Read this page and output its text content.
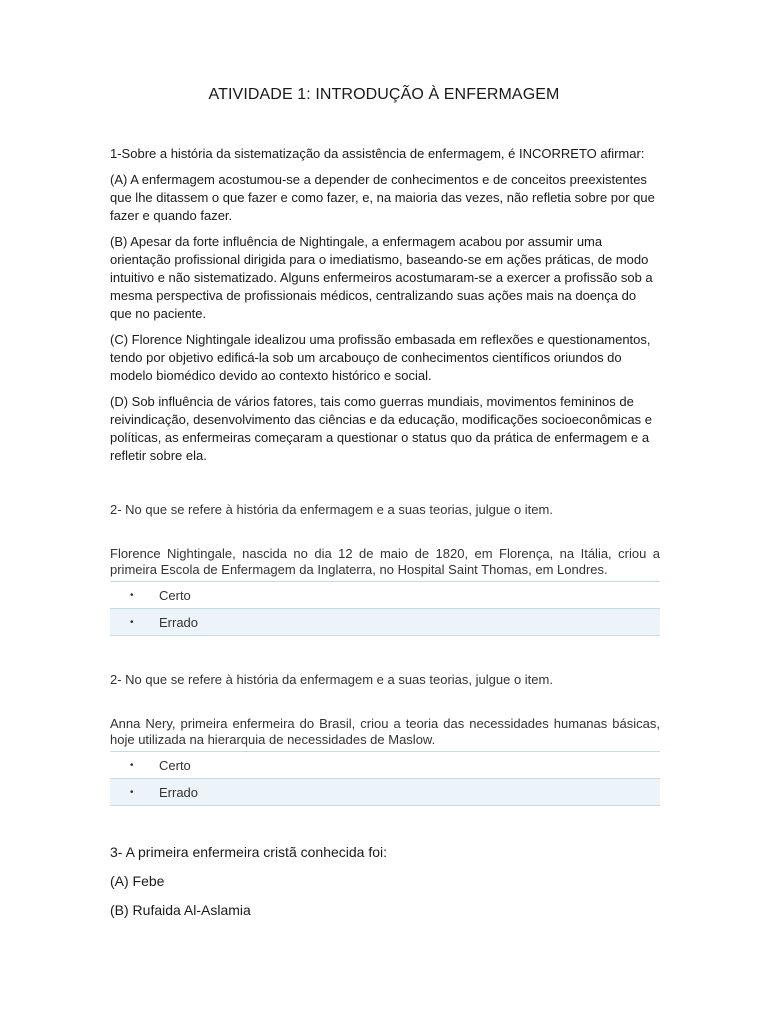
ATIVIDADE 1: INTRODUÇÃO À ENFERMAGEM

1-Sobre a história da sistematização da assistência de enfermagem, é INCORRETO afirmar:

(A) A enfermagem acostumou-se a depender de conhecimentos e de conceitos preexistentes que lhe ditassem o que fazer e como fazer, e, na maioria das vezes, não refletia sobre por que fazer e quando fazer.

(B) Apesar da forte influência de Nightingale, a enfermagem acabou por assumir uma orientação profissional dirigida para o imediatismo, baseando-se em ações práticas, de modo intuitivo e não sistematizado. Alguns enfermeiros acostumaram-se a exercer a profissão sob a mesma perspectiva de profissionais médicos, centralizando suas ações mais na doença do que no paciente.

(C) Florence Nightingale idealizou uma profissão embasada em reflexões e questionamentos, tendo por objetivo edificá-la sob um arcabouço de conhecimentos científicos oriundos do modelo biomédico devido ao contexto histórico e social.

(D) Sob influência de vários fatores, tais como guerras mundiais, movimentos femininos de reivindicação, desenvolvimento das ciências e da educação, modificações socioeconômicas e políticas, as enfermeiras começaram a questionar o status quo da prática de enfermagem e a refletir sobre ela.

2- No que se refere à história da enfermagem e a suas teorias, julgue o item.
Florence Nightingale, nascida no dia 12 de maio de 1820, em Florença, na Itália, criou a primeira Escola de Enfermagem da Inglaterra, no Hospital Saint Thomas, em Londres.
•	Certo
•	Errado
2- No que se refere à história da enfermagem e a suas teorias, julgue o item.
Anna Nery, primeira enfermeira do Brasil, criou a teoria das necessidades humanas básicas, hoje utilizada na hierarquia de necessidades de Maslow.
•	Certo
•	Errado

3- A primeira enfermeira cristã conhecida foi:

(A) Febe

(B) Rufaida Al-Aslamia
